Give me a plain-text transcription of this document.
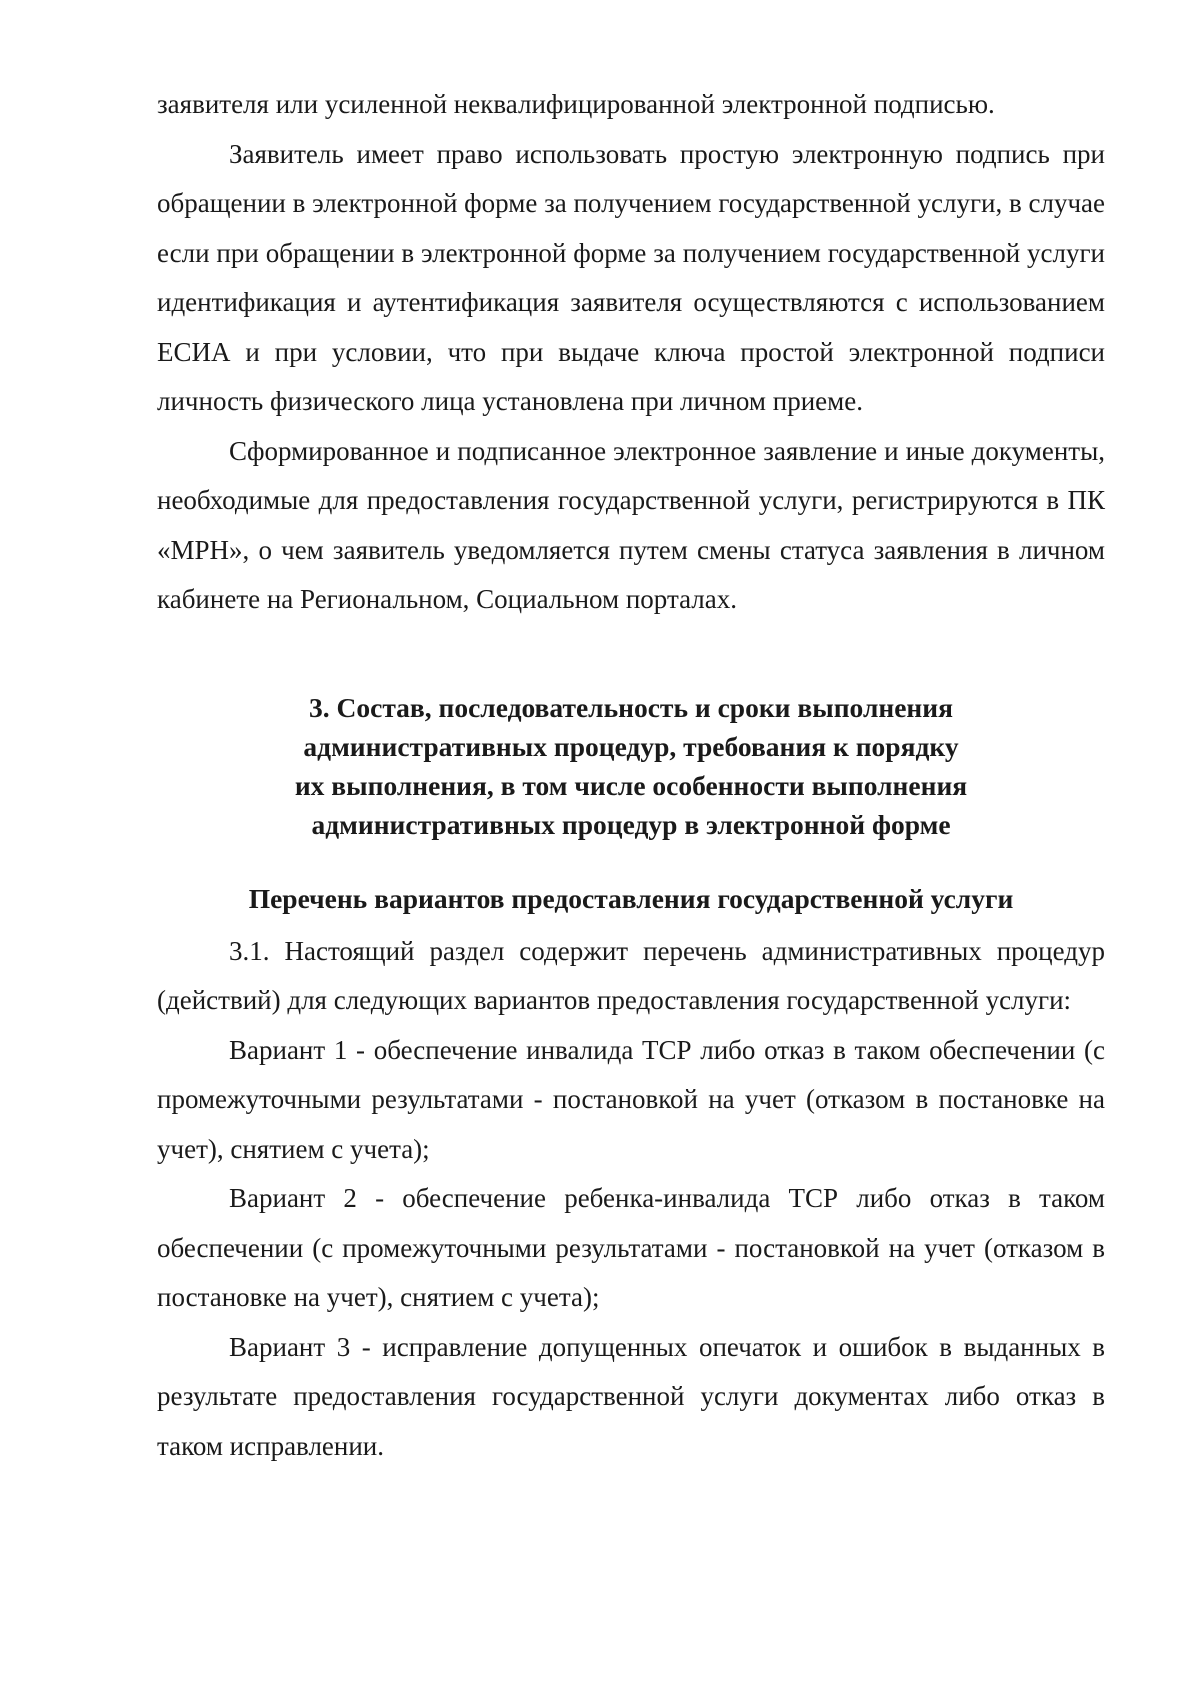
заявителя или усиленной неквалифицированной электронной подписью.

Заявитель имеет право использовать простую электронную подпись при обращении в электронной форме за получением государственной услуги, в случае если при обращении в электронной форме за получением государственной услуги идентификация и аутентификация заявителя осуществляются с использованием ЕСИА и при условии, что при выдаче ключа простой электронной подписи личность физического лица установлена при личном приеме.

Сформированное и подписанное электронное заявление и иные документы, необходимые для предоставления государственной услуги, регистрируются в ПК «МРН», о чем заявитель уведомляется путем смены статуса заявления в личном кабинете на Региональном, Социальном порталах.

3. Состав, последовательность и сроки выполнения
административных процедур, требования к порядку
их выполнения, в том числе особенности выполнения
административных процедур в электронной форме
Перечень вариантов предоставления государственной услуги

3.1. Настоящий раздел содержит перечень административных процедур (действий) для следующих вариантов предоставления государственной услуги:

Вариант 1 - обеспечение инвалида ТСР либо отказ в таком обеспечении (с промежуточными результатами - постановкой на учет (отказом в постановке на учет), снятием с учета);

Вариант 2 - обеспечение ребенка-инвалида ТСР либо отказ в таком обеспечении (с промежуточными результатами - постановкой на учет (отказом в постановке на учет), снятием с учета);

Вариант 3 - исправление допущенных опечаток и ошибок в выданных в результате предоставления государственной услуги документах либо отказ в таком исправлении.
